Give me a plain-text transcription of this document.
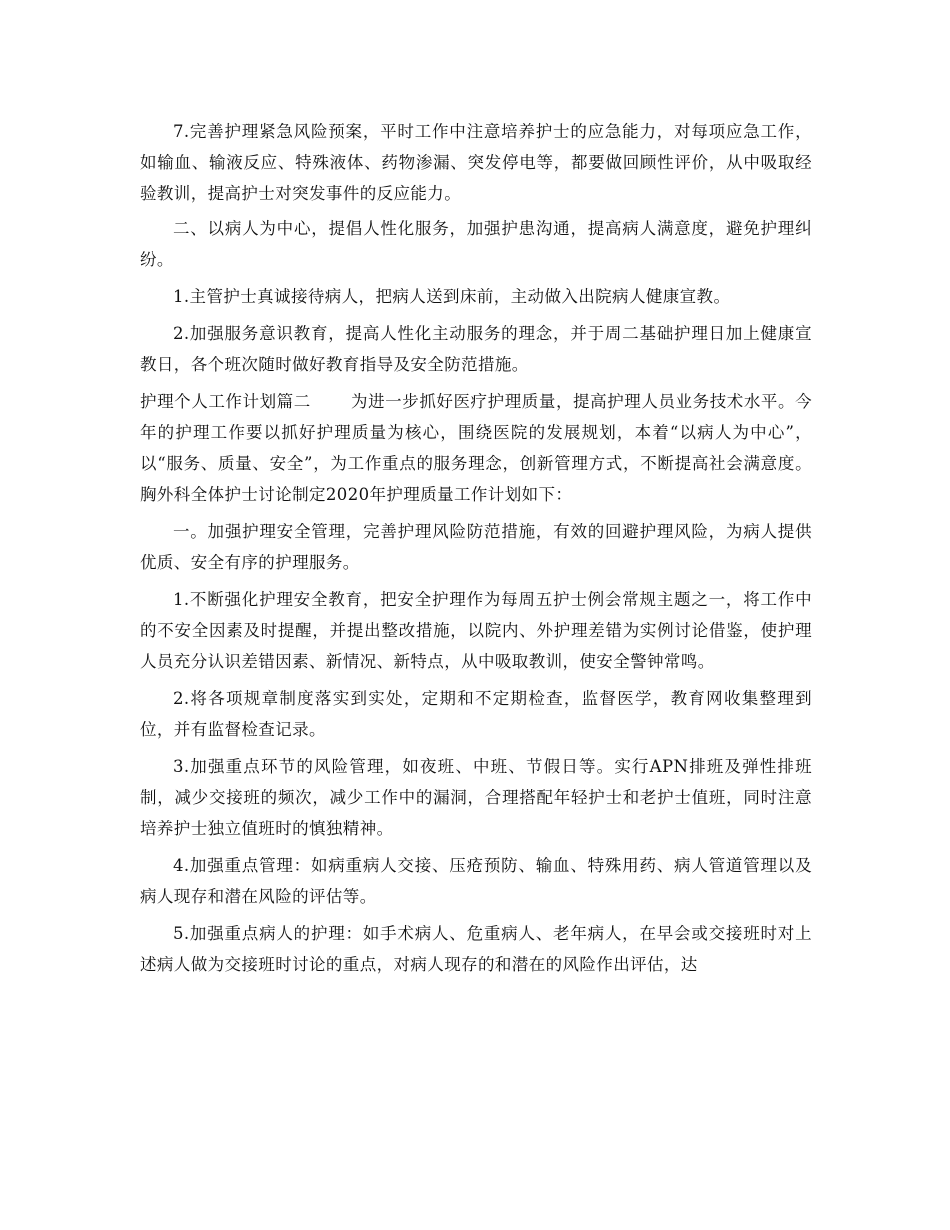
7.完善护理紧急风险预案，平时工作中注意培养护士的应急能力，对每项应急工作，如输血、输液反应、特殊液体、药物渗漏、突发停电等，都要做回顾性评价，从中吸取经验教训，提高护士对突发事件的反应能力。

二、以病人为中心，提倡人性化服务，加强护患沟通，提高病人满意度，避免护理纠纷。

1.主管护士真诚接待病人，把病人送到床前，主动做入出院病人健康宣教。

2.加强服务意识教育，提高人性化主动服务的理念，并于周二基础护理日加上健康宣教日，各个班次随时做好教育指导及安全防范措施。

护理个人工作计划篇二 为进一步抓好医疗护理质量，提高护理人员业务技术水平。今年的护理工作要以抓好护理质量为核心，围绕医院的发展规划，本着“以病人为中心”，以“服务、质量、安全”，为工作重点的服务理念，创新管理方式，不断提高社会满意度。胸外科全体护士讨论制定2020年护理质量工作计划如下：

一。加强护理安全管理，完善护理风险防范措施，有效的回避护理风险，为病人提供优质、安全有序的护理服务。

1.不断强化护理安全教育，把安全护理作为每周五护士例会常规主题之一，将工作中的不安全因素及时提醒，并提出整改措施，以院内、外护理差错为实例讨论借鉴，使护理人员充分认识差错因素、新情况、新特点，从中吸取教训，使安全警钟常鸣。

2.将各项规章制度落实到实处，定期和不定期检查，监督医学，教育网收集整理到位，并有监督检查记录。

3.加强重点环节的风险管理，如夜班、中班、节假日等。实行APN排班及弹性排班制，减少交接班的频次，减少工作中的漏洞，合理搭配年轻护士和老护士值班，同时注意培养护士独立值班时的慎独精神。

4.加强重点管理：如病重病人交接、压疮预防、输血、特殊用药、病人管道管理以及病人现存和潜在风险的评估等。

5.加强重点病人的护理：如手术病人、危重病人、老年病人，在早会或交接班时对上述病人做为交接班时讨论的重点，对病人现存的和潜在的风险作出评估，达
